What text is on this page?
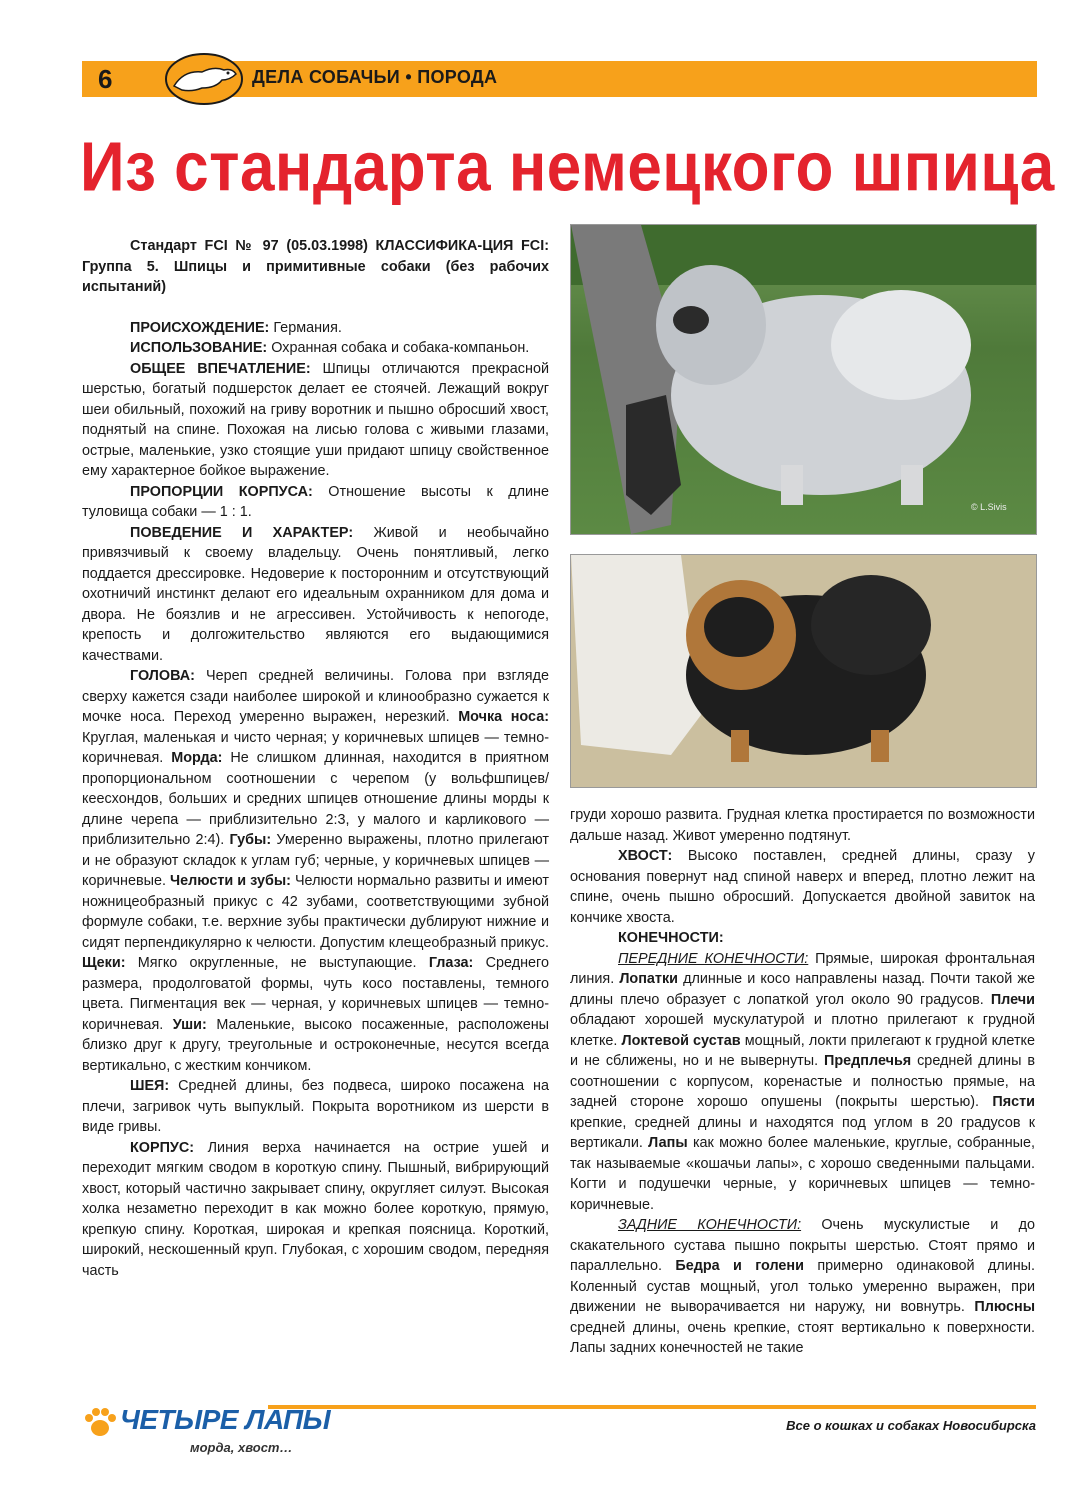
6	ДЕЛА СОБАЧЬИ • ПОРОДА
Из стандарта немецкого шпица

Стандарт FCI № 97 (05.03.1998) КЛАССИФИКА-ЦИЯ FCI: Группа 5. Шпицы и примитивные собаки (без рабочих испытаний)

ПРОИСХОЖДЕНИЕ: Германия.

ИСПОЛЬЗОВАНИЕ: Охранная собака и собака-компаньон.

ОБЩЕЕ ВПЕЧАТЛЕНИЕ: Шпицы отличаются прекрасной шерстью, богатый подшерсток делает ее стоячей. Лежащий вокруг шеи обильный, похожий на гриву воротник и пышно обросший хвост, поднятый на спине. Похожая на лисью голова с живыми глазами, острые, маленькие, узко стоящие уши придают шпицу свойственное ему характерное бойкое выражение.

ПРОПОРЦИИ КОРПУСА: Отношение высоты к длине туловища собаки — 1 : 1.

ПОВЕДЕНИЕ И ХАРАКТЕР: Живой и необычайно привязчивый к своему владельцу. Очень понятливый, легко поддается дрессировке. Недоверие к посторонним и отсутствующий охотничий инстинкт делают его идеальным охранником для дома и двора. Не боязлив и не агрессивен. Устойчивость к непогоде, крепость и долгожительство являются его выдающимися качествами.

ГОЛОВА: Череп средней величины. Голова при взгляде сверху кажется сзади наиболее широкой и клинообразно сужается к мочке носа. Переход умеренно выражен, нерезкий. Мочка носа: Круглая, маленькая и чисто черная; у коричневых шпицев — темно-коричневая. Морда: Не слишком длинная, находится в приятном пропорциональном соотношении с черепом (у вольфшпицев/кеесхондов, больших и средних шпицев отношение длины морды к длине черепа — приблизительно 2:3, у малого и карликового — приблизительно 2:4). Губы: Умеренно выражены, плотно прилегают и не образуют складок к углам губ; черные, у коричневых шпицев — коричневые. Челюсти и зубы: Челюсти нормально развиты и имеют ножницеобразный прикус с 42 зубами, соответствующими зубной формуле собаки, т.е. верхние зубы практически дублируют нижние и сидят перпендикулярно к челюсти. Допустим клещеобразный прикус. Щеки: Мягко округленные, не выступающие. Глаза: Среднего размера, продолговатой формы, чуть косо поставлены, темного цвета. Пигментация век — черная, у коричневых шпицев — темно-коричневая. Уши: Маленькие, высоко посаженные, расположены близко друг к другу, треугольные и остроконечные, несутся всегда вертикально, с жестким кончиком.

ШЕЯ: Средней длины, без подвеса, широко посажена на плечи, загривок чуть выпуклый. Покрыта воротником из шерсти в виде гривы.

КОРПУС: Линия верха начинается на острие ушей и переходит мягким сводом в короткую спину. Пышный, вибрирующий хвост, который частично закрывает спину, округляет силуэт. Высокая холка незаметно переходит в как можно более короткую, прямую, крепкую спину. Короткая, широкая и крепкая поясница. Короткий, широкий, нескошенный круп. Глубокая, с хорошим сводом, передняя часть

© L.Sivis

груди хорошо развита. Грудная клетка простирается по возможности дальше назад. Живот умеренно подтянут.

ХВОСТ: Высоко поставлен, средней длины, сразу у основания повернут над спиной наверх и вперед, плотно лежит на спине, очень пышно обросший. Допускается двойной завиток на кончике хвоста.

КОНЕЧНОСТИ:

ПЕРЕДНИЕ КОНЕЧНОСТИ: Прямые, широкая фронтальная линия. Лопатки длинные и косо направлены назад. Почти такой же длины плечо образует с лопаткой угол около 90 градусов. Плечи обладают хорошей мускулатурой и плотно прилегают к грудной клетке. Локтевой сустав мощный, локти прилегают к грудной клетке и не сближены, но и не вывернуты. Предплечья средней длины в соотношении с корпусом, коренастые и полностью прямые, на задней стороне хорошо опушены (покрыты шерстью). Пясти крепкие, средней длины и находятся под углом в 20 градусов к вертикали. Лапы как можно более маленькие, круглые, собранные, так называемые «кошачьи лапы», с хорошо сведенными пальцами. Когти и подушечки черные, у коричневых шпицев — темно-коричневые.

ЗАДНИЕ КОНЕЧНОСТИ: Очень мускулистые и до скакательного сустава пышно покрыты шерстью. Стоят прямо и параллельно. Бедра и голени примерно одинаковой длины. Коленный сустав мощный, угол только умеренно выражен, при движении не выворачивается ни наружу, ни вовнутрь. Плюсны средней длины, очень крепкие, стоят вертикально к поверхности. Лапы задних конечностей не такие

ЧЕТЫРЕ ЛАПЫ
морда, хвост…
Все о кошках и собаках Новосибирска
